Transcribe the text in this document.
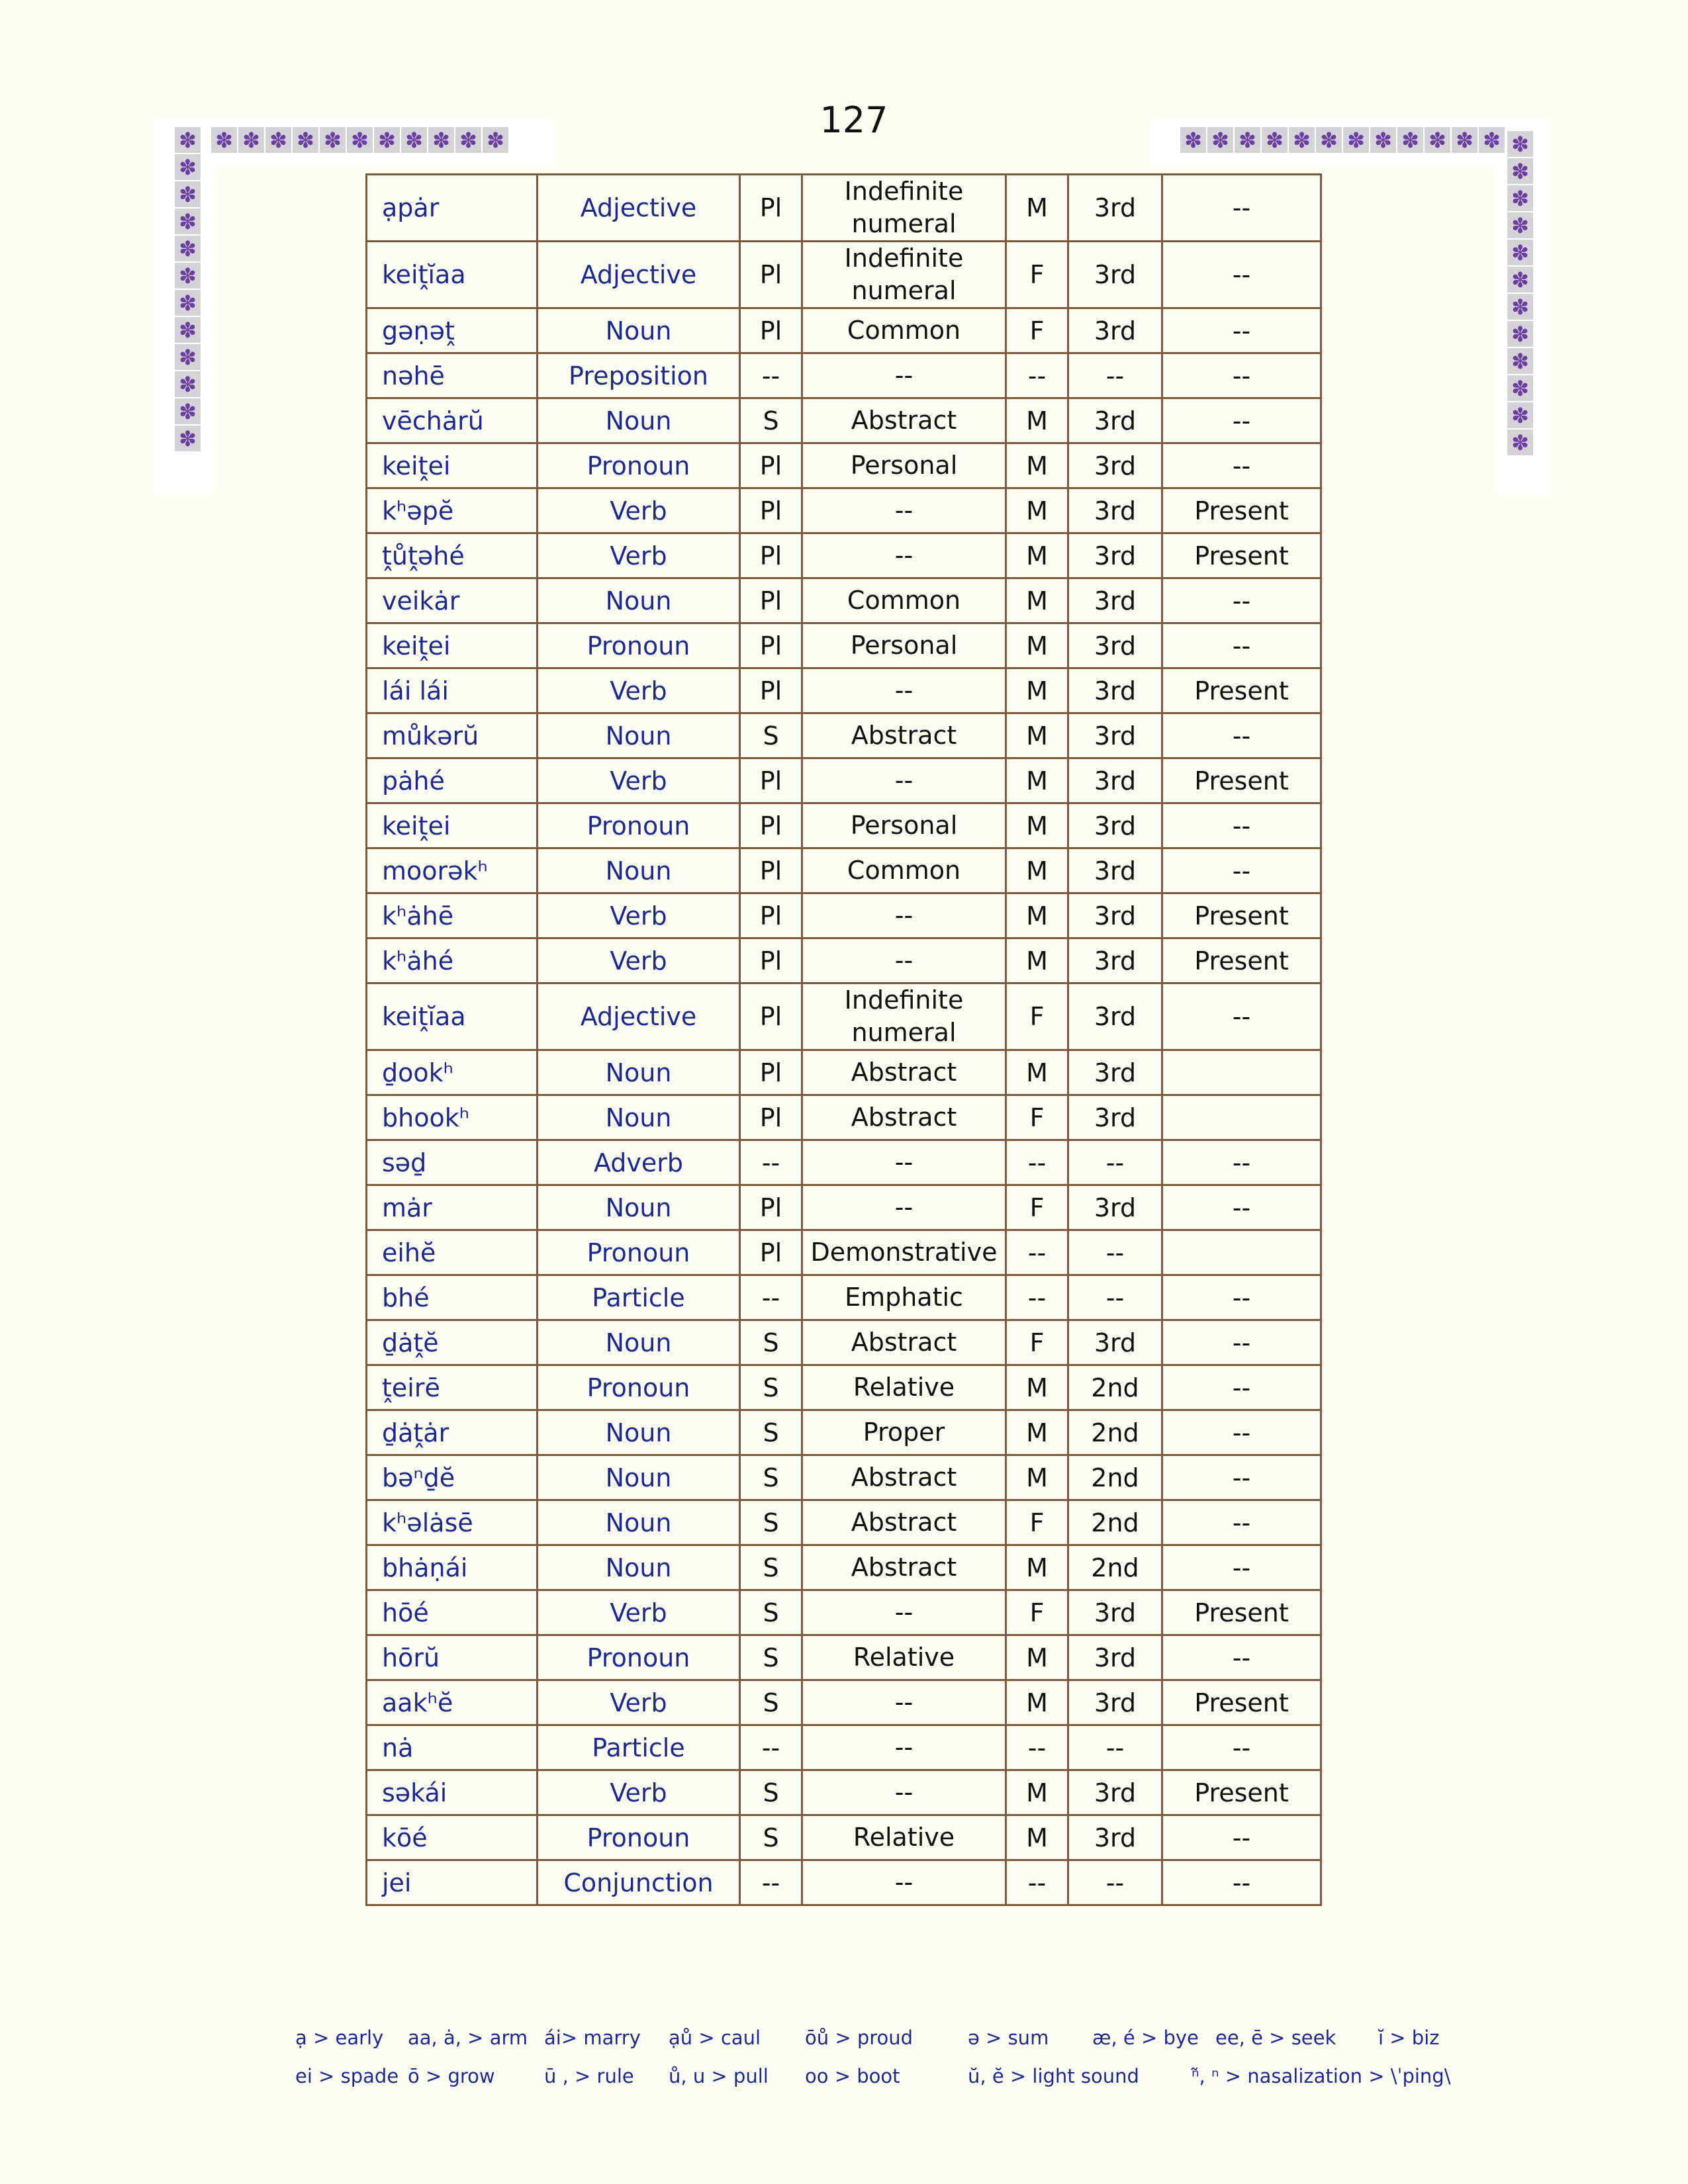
127
✽ ✽ ✽ ✽ ✽ ✽ ✽ ✽ ✽ ✽ ✽
✽
✽
✽
✽
✽
✽
✽
✽
✽
✽
✽
✽
✽ ✽ ✽ ✽ ✽ ✽ ✽ ✽ ✽ ✽ ✽ ✽ ✽
✽
✽
✽
✽
✽
✽
✽
✽
✽
✽
✽
ạpȧr	Adjective	Pl	Indefinite numeral	M	3rd	--
keiṱĭaa	Adjective	Pl	Indefinite numeral	F	3rd	--
gəṇəṱ	Noun	Pl	Common	F	3rd	--
nəhē	Preposition	--	--	--	--	--
vēchȧrŭ	Noun	S	Abstract	M	3rd	--
keiṱei	Pronoun	Pl	Personal	M	3rd	--
kʰəpĕ	Verb	Pl	--	M	3rd	Present
ṱůṱəhé	Verb	Pl	--	M	3rd	Present
veikȧr	Noun	Pl	Common	M	3rd	--
keiṱei	Pronoun	Pl	Personal	M	3rd	--
lái lái	Verb	Pl	--	M	3rd	Present
můkərŭ	Noun	S	Abstract	M	3rd	--
pȧhé	Verb	Pl	--	M	3rd	Present
keiṱei	Pronoun	Pl	Personal	M	3rd	--
moorəkʰ	Noun	Pl	Common	M	3rd	--
kʰȧhē	Verb	Pl	--	M	3rd	Present
kʰȧhé	Verb	Pl	--	M	3rd	Present
keiṱĭaa	Adjective	Pl	Indefinite numeral	F	3rd	--
ḏookʰ	Noun	Pl	Abstract	M	3rd	
bhookʰ	Noun	Pl	Abstract	F	3rd	
səḏ	Adverb	--	--	--	--	--
mȧr	Noun	Pl	--	F	3rd	--
eihĕ	Pronoun	Pl	Demonstrative	--	--	
bhé	Particle	--	Emphatic	--	--	--
ḏȧṱĕ	Noun	S	Abstract	F	3rd	--
ṱeirē	Pronoun	S	Relative	M	2nd	--
ḏȧṱȧr	Noun	S	Proper	M	2nd	--
bəⁿḏĕ	Noun	S	Abstract	M	2nd	--
kʰəlȧsē	Noun	S	Abstract	F	2nd	--
bhȧṇái	Noun	S	Abstract	M	2nd	--
hōé	Verb	S	--	F	3rd	Present
hōrŭ	Pronoun	S	Relative	M	3rd	--
aakʰĕ	Verb	S	--	M	3rd	Present
nȧ	Particle	--	--	--	--	--
səkái	Verb	S	--	M	3rd	Present
kōé	Pronoun	S	Relative	M	3rd	--
jei	Conjunction	--	--	--	--	--
ạ > early aa, ȧ, > arm ái> marry ạů > caul ōů > proud	ə > sum æ, é > bye ee, ē > seek ĭ > biz
ei > spade ō > grow	ū , > rule ů, u > pull oo > boot	ŭ, ĕ > light sound	ⁿ̃, ⁿ > nasalization > \ˈping\
